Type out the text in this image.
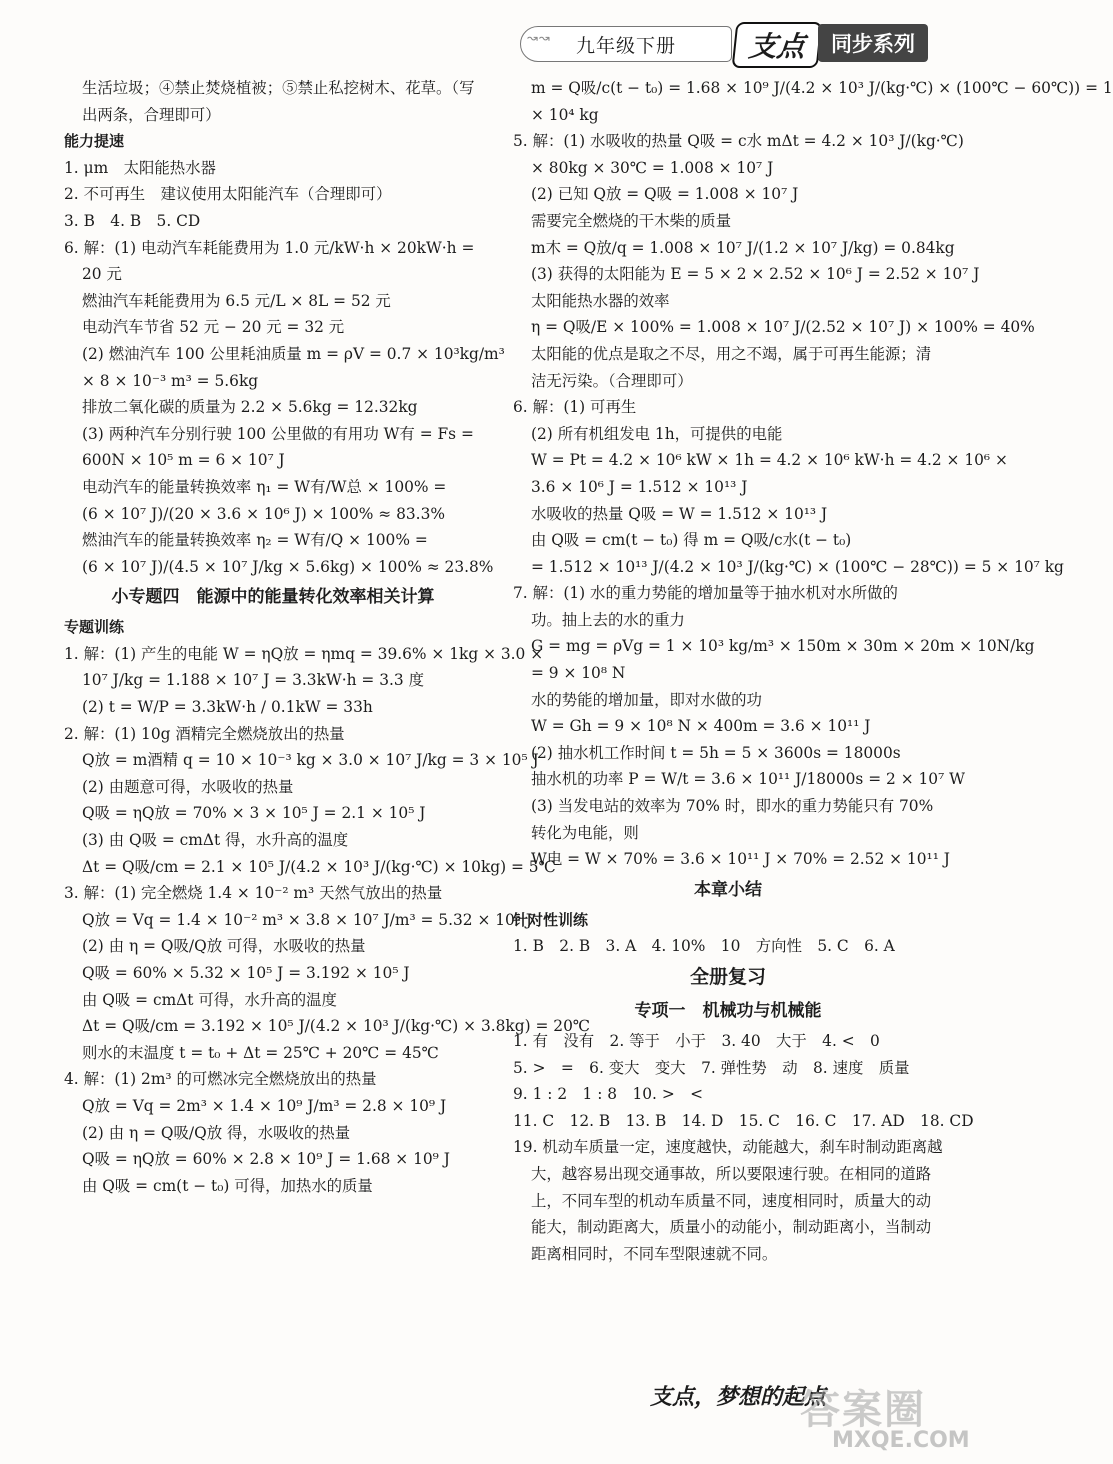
↝↝ 九年级下册	支点	同步系列
生活垃圾；④禁止焚烧植被；⑤禁止私挖树木、花草。（写
出两条，合理即可）
能力提速
1. μm　太阳能热水器
2. 不可再生　建议使用太阳能汽车（合理即可）
3. B　4. B　5. CD
6. 解：(1) 电动汽车耗能费用为 1.0 元/kW·h × 20kW·h =
20 元
燃油汽车耗能费用为 6.5 元/L × 8L = 52 元
电动汽车节省 52 元 − 20 元 = 32 元
(2) 燃油汽车 100 公里耗油质量 m = ρV = 0.7 × 10³kg/m³
× 8 × 10⁻³ m³ = 5.6kg
排放二氧化碳的质量为 2.2 × 5.6kg = 12.32kg
(3) 两种汽车分别行驶 100 公里做的有用功 W有 = Fs =
600N × 10⁵ m = 6 × 10⁷ J
电动汽车的能量转换效率 η₁ = W有/W总 × 100% =
(6 × 10⁷ J)/(20 × 3.6 × 10⁶ J) × 100% ≈ 83.3%
燃油汽车的能量转换效率 η₂ = W有/Q × 100% =
(6 × 10⁷ J)/(4.5 × 10⁷ J/kg × 5.6kg) × 100% ≈ 23.8%
小专题四　能源中的能量转化效率相关计算
专题训练
1. 解：(1) 产生的电能 W = ηQ放 = ηmq = 39.6% × 1kg × 3.0 ×
10⁷ J/kg = 1.188 × 10⁷ J = 3.3kW·h = 3.3 度
(2) t = W/P = 3.3kW·h / 0.1kW = 33h
2. 解：(1) 10g 酒精完全燃烧放出的热量
Q放 = m酒精 q = 10 × 10⁻³ kg × 3.0 × 10⁷ J/kg = 3 × 10⁵ J
(2) 由题意可得，水吸收的热量
Q吸 = ηQ放 = 70% × 3 × 10⁵ J = 2.1 × 10⁵ J
(3) 由 Q吸 = cmΔt 得，水升高的温度
Δt = Q吸/cm = 2.1 × 10⁵ J/(4.2 × 10³ J/(kg·℃) × 10kg) = 5℃
3. 解：(1) 完全燃烧 1.4 × 10⁻² m³ 天然气放出的热量
Q放 = Vq = 1.4 × 10⁻² m³ × 3.8 × 10⁷ J/m³ = 5.32 × 10⁵ J
(2) 由 η = Q吸/Q放 可得，水吸收的热量
Q吸 = 60% × 5.32 × 10⁵ J = 3.192 × 10⁵ J
由 Q吸 = cmΔt 可得，水升高的温度
Δt = Q吸/cm = 3.192 × 10⁵ J/(4.2 × 10³ J/(kg·℃) × 3.8kg) = 20℃
则水的末温度 t = t₀ + Δt = 25℃ + 20℃ = 45℃
4. 解：(1) 2m³ 的可燃冰完全燃烧放出的热量
Q放 = Vq = 2m³ × 1.4 × 10⁹ J/m³ = 2.8 × 10⁹ J
(2) 由 η = Q吸/Q放 得，水吸收的热量
Q吸 = ηQ放 = 60% × 2.8 × 10⁹ J = 1.68 × 10⁹ J
由 Q吸 = cm(t − t₀) 可得，加热水的质量
m = Q吸/c(t − t₀) = 1.68 × 10⁹ J/(4.2 × 10³ J/(kg·℃) × (100℃ − 60℃)) = 1
× 10⁴ kg
5. 解：(1) 水吸收的热量 Q吸 = c水 mΔt = 4.2 × 10³ J/(kg·℃)
× 80kg × 30℃ = 1.008 × 10⁷ J
(2) 已知 Q放 = Q吸 = 1.008 × 10⁷ J
需要完全燃烧的干木柴的质量
m木 = Q放/q = 1.008 × 10⁷ J/(1.2 × 10⁷ J/kg) = 0.84kg
(3) 获得的太阳能为 E = 5 × 2 × 2.52 × 10⁶ J = 2.52 × 10⁷ J
太阳能热水器的效率
η = Q吸/E × 100% = 1.008 × 10⁷ J/(2.52 × 10⁷ J) × 100% = 40%
太阳能的优点是取之不尽，用之不竭，属于可再生能源；清
洁无污染。（合理即可）
6. 解：(1) 可再生
(2) 所有机组发电 1h，可提供的电能
W = Pt = 4.2 × 10⁶ kW × 1h = 4.2 × 10⁶ kW·h = 4.2 × 10⁶ ×
3.6 × 10⁶ J = 1.512 × 10¹³ J
水吸收的热量 Q吸 = W = 1.512 × 10¹³ J
由 Q吸 = cm(t − t₀) 得 m = Q吸/c水(t − t₀)
= 1.512 × 10¹³ J/(4.2 × 10³ J/(kg·℃) × (100℃ − 28℃)) = 5 × 10⁷ kg
7. 解：(1) 水的重力势能的增加量等于抽水机对水所做的
功。抽上去的水的重力
G = mg = ρVg = 1 × 10³ kg/m³ × 150m × 30m × 20m × 10N/kg
= 9 × 10⁸ N
水的势能的增加量，即对水做的功
W = Gh = 9 × 10⁸ N × 400m = 3.6 × 10¹¹ J
(2) 抽水机工作时间 t = 5h = 5 × 3600s = 18000s
抽水机的功率 P = W/t = 3.6 × 10¹¹ J/18000s = 2 × 10⁷ W
(3) 当发电站的效率为 70% 时，即水的重力势能只有 70%
转化为电能，则
W电 = W × 70% = 3.6 × 10¹¹ J × 70% = 2.52 × 10¹¹ J
本章小结
针对性训练
1. B　2. B　3. A　4. 10%　10　方向性　5. C　6. A
全册复习
专项一　机械功与机械能
1. 有　没有　2. 等于　小于　3. 40　大于　4. <　0
5. >　=　6. 变大　变大　7. 弹性势　动　8. 速度　质量
9. 1 : 2　1 : 8　10. >　<
11. C　12. B　13. B　14. D　15. C　16. C　17. AD　18. CD
19. 机动车质量一定，速度越快，动能越大，刹车时制动距离越大，越容易出现交通事故，所以要限速行驶。在相同的道路上，不同车型的机动车质量不同，速度相同时，质量大的动能大，制动距离大，质量小的动能小，制动距离小，当制动距离相同时，不同车型限速就不同。
支点，梦想的起点
答案圈
MXQE.COM
